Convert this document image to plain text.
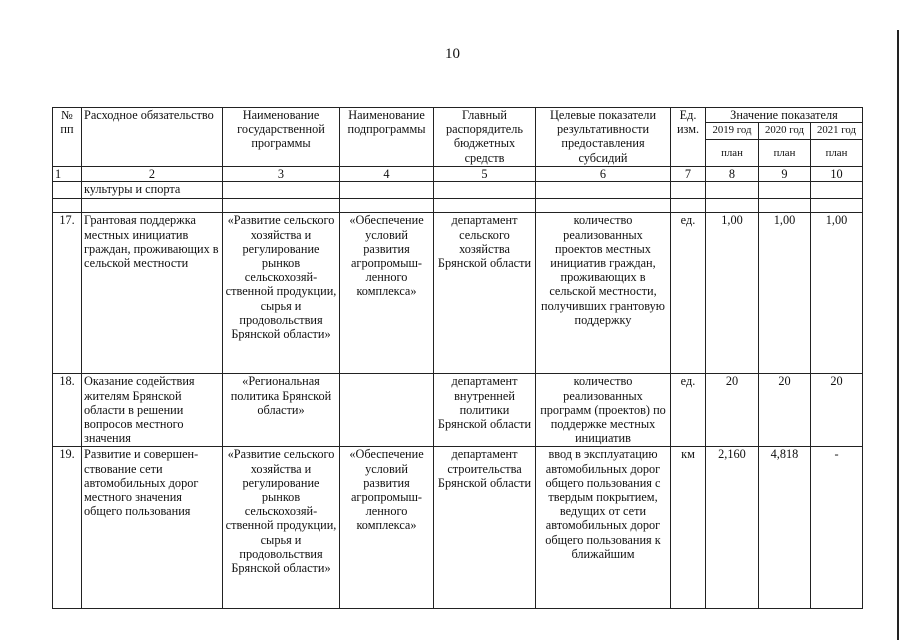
10
№ пп	Расходное обязательство	Наименование государственной программы	Наименование подпрограммы	Главный распорядитель бюджетных средств	Целевые показатели результативности предоставления субсидий	Ед. изм.	Значение показателя		
							2019 год	2020 год	2021 год
							план	план	план
1	2	3	4	5	6	7	8	9	10
	культуры и спорта								

17.	Грантовая поддержка местных инициатив граждан, проживающих в сельской местности	«Развитие сельского хозяйства и регулирование рынков сельскохозяй-ственной продукции, сырья и продовольствия Брянской области»	«Обеспечение условий развития агропромыш-ленного комплекса»	департамент сельского хозяйства Брянской области	количество реализованных проектов местных инициатив граждан, проживающих в сельской местности, получивших грантовую поддержку	ед.	1,00	1,00	1,00
18.	Оказание содействия жителям Брянской области в решении вопросов местного значения	«Региональная политика Брянской области»		департамент внутренней политики Брянской области	количество реализованных программ (проектов) по поддержке местных инициатив	ед.	20	20	20
19.	Развитие и совершен-ствование сети автомобильных дорог местного значения общего пользования	«Развитие сельского хозяйства и регулирование рынков сельскохозяй-ственной продукции, сырья и продовольствия Брянской области»	«Обеспечение условий развития агропромыш-ленного комплекса»	департамент строительства Брянской области	ввод в эксплуатацию автомобильных дорог общего пользования с твердым покрытием, ведущих от сети автомобильных дорог общего пользования к ближайшим	км	2,160	4,818	-
